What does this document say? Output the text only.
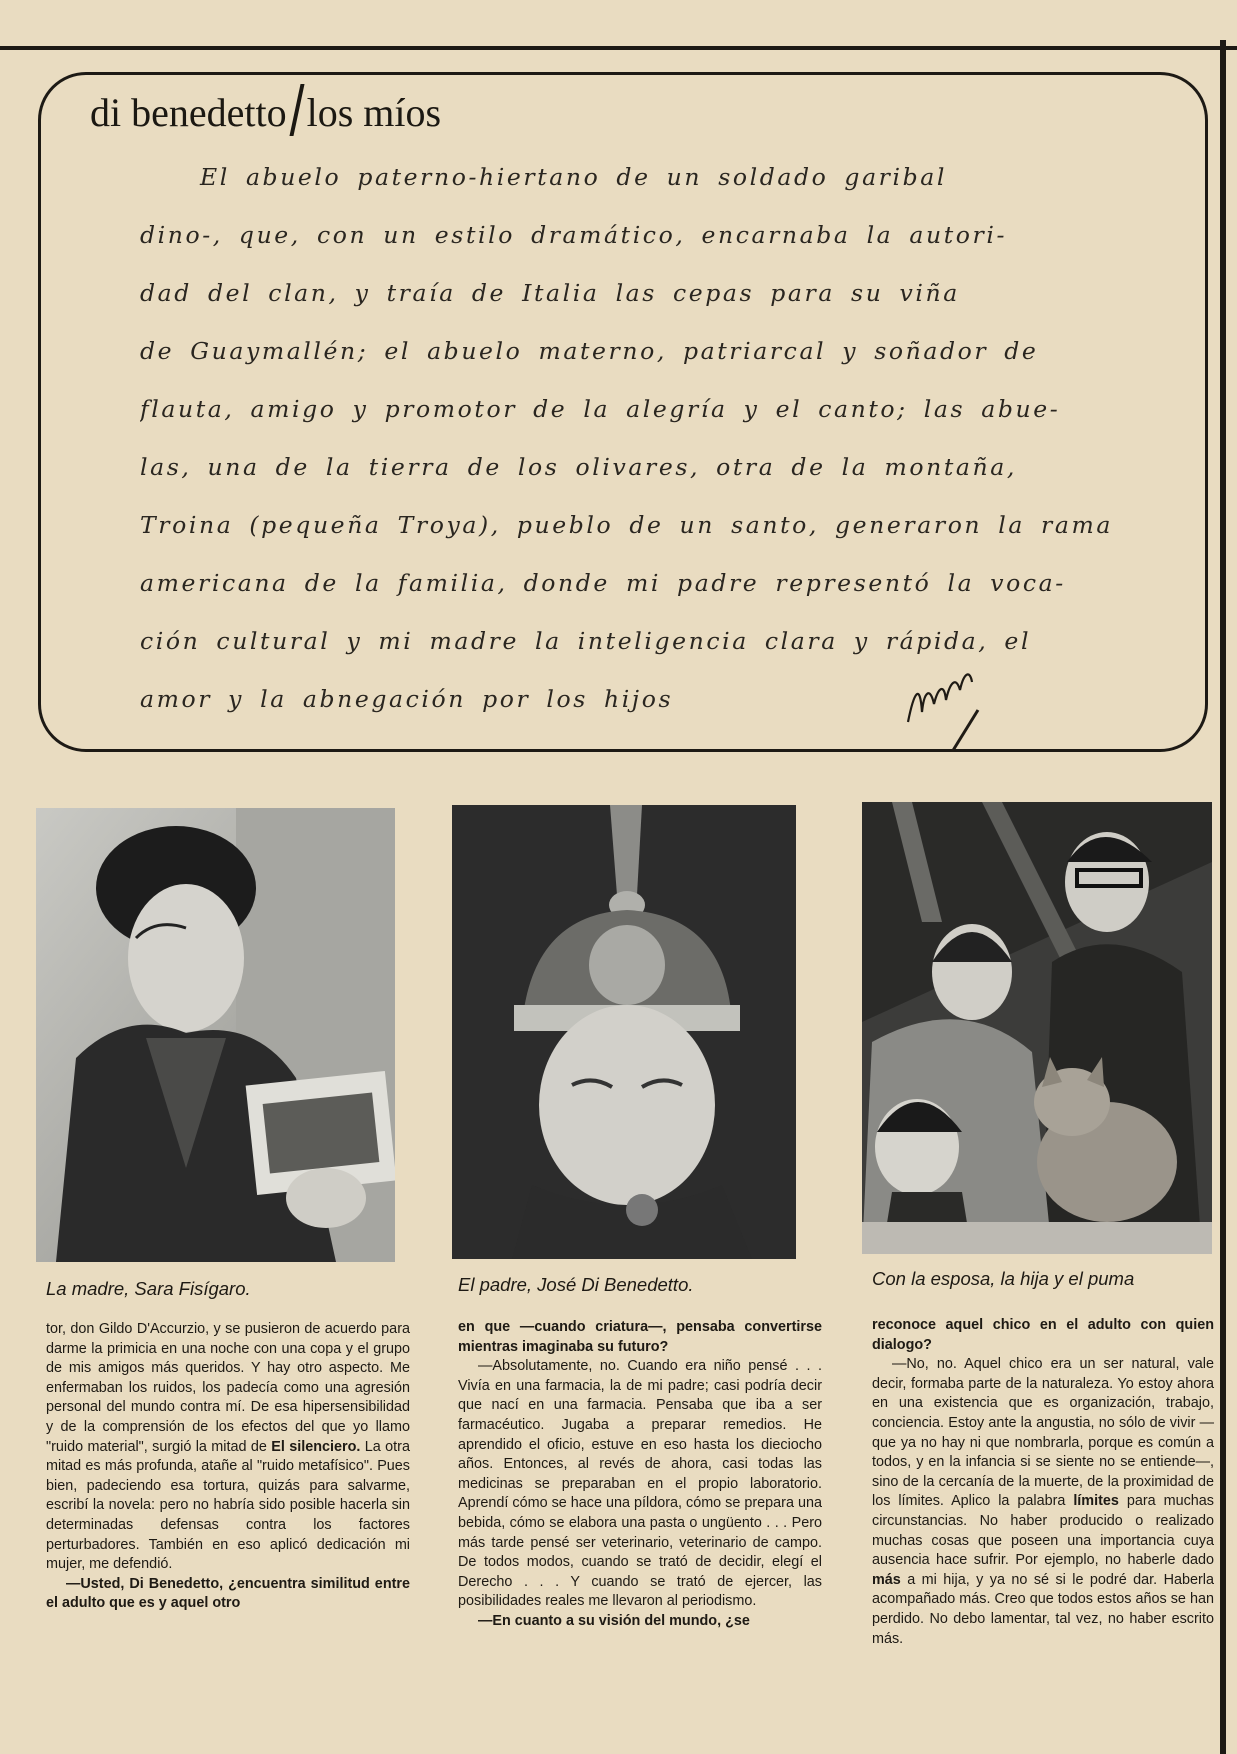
di benedetto los míos
El abuelo paterno-hiertano de un soldado garibal
dino-, que, con un estilo dramático, encarnaba la autori-
dad del clan, y traía de Italia las cepas para su viña
de Guaymallén; el abuelo materno, patriarcal y soñador de
flauta, amigo y promotor de la alegría y el canto; las abue-
las, una de la tierra de los olivares, otra de la montaña,
Troina (pequeña Troya), pueblo de un santo, generaron la rama
americana de la familia, donde mi padre representó la voca-
ción cultural y mi madre la inteligencia clara y rápida, el
amor y la abnegación por los hijos
La madre, Sara Fisígaro.	El padre, José Di Benedetto.	Con la esposa, la hija y el puma

tor, don Gildo D'Accurzio, y se pusieron de acuerdo para darme la primicia en una noche con una copa y el grupo de mis amigos más queridos. Y hay otro aspecto. Me enfermaban los ruidos, los padecía como una agresión personal del mundo contra mí. De esa hipersensibilidad y de la comprensión de los efectos del que yo llamo "ruido material", surgió la mitad de El silenciero. La otra mitad es más profunda, atañe al "ruido metafísico". Pues bien, padeciendo esa tortura, quizás para salvarme, escribí la novela: pero no habría sido posible hacerla sin determinadas defensas contra los factores perturbadores. También en eso aplicó dedicación mi mujer, me defendió.

—Usted, Di Benedetto, ¿encuentra similitud entre el adulto que es y aquel otro

en que —cuando criatura—, pensaba convertirse mientras imaginaba su futuro?

—Absolutamente, no. Cuando era niño pensé . . . Vivía en una farmacia, la de mi padre; casi podría decir que nací en una farmacia. Pensaba que iba a ser farmacéutico. Jugaba a preparar remedios. He aprendido el oficio, estuve en eso hasta los dieciocho años. Entonces, al revés de ahora, casi todas las medicinas se preparaban en el propio laboratorio. Aprendí cómo se hace una píldora, cómo se prepara una bebida, cómo se elabora una pasta o ungüento . . . Pero más tarde pensé ser veterinario, veterinario de campo. De todos modos, cuando se trató de decidir, elegí el Derecho . . . Y cuando se trató de ejercer, las posibilidades reales me llevaron al periodismo.

—En cuanto a su visión del mundo, ¿se

reconoce aquel chico en el adulto con quien dialogo?

—No, no. Aquel chico era un ser natural, vale decir, formaba parte de la naturaleza. Yo estoy ahora en una existencia que es organización, trabajo, conciencia. Estoy ante la angustia, no sólo de vivir —que ya no hay ni que nombrarla, porque es común a todos, y en la infancia si se siente no se entiende—, sino de la cercanía de la muerte, de la proximidad de los límites. Aplico la palabra límites para muchas circunstancias. No haber producido o realizado muchas cosas que poseen una importancia cuya ausencia hace sufrir. Por ejemplo, no haberle dado más a mi hija, y ya no sé si le podré dar. Haberla acompañado más. Creo que todos estos años se han perdido. No debo lamentar, tal vez, no haber escrito más.
